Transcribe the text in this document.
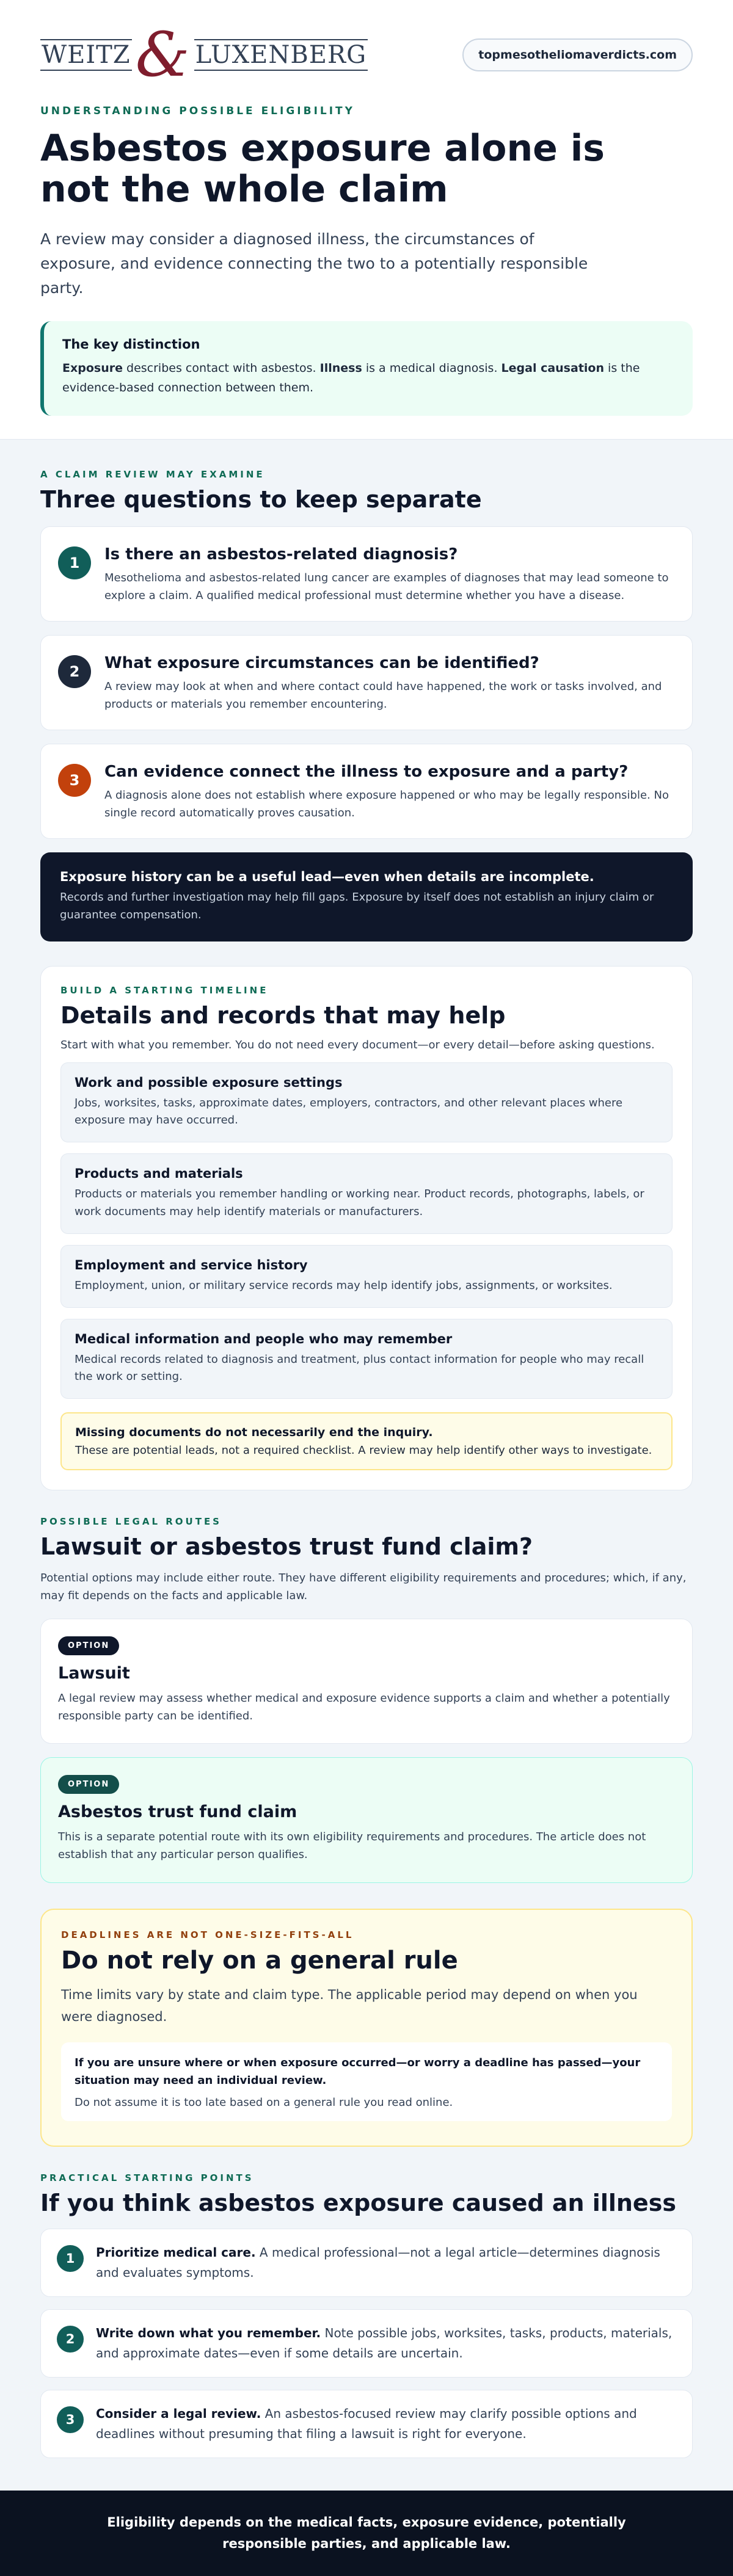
WEITZ & LUXENBERG	topmesotheliomaverdicts.com
UNDERSTANDING POSSIBLE ELIGIBILITY
Asbestos exposure alone is not the whole claim

A review may consider a diagnosed illness, the circumstances of exposure, and evidence connecting the two to a potentially responsible party.

The key distinction

Exposure describes contact with asbestos. Illness is a medical diagnosis. Legal causation is the evidence-based connection between them.

A CLAIM REVIEW MAY EXAMINE
Three questions to keep separate
1	Is there an asbestos-related diagnosis?

Mesothelioma and asbestos-related lung cancer are examples of diagnoses that may lead someone to explore a claim. A qualified medical professional must determine whether you have a disease.

2	What exposure circumstances can be identified?

A review may look at when and where contact could have happened, the work or tasks involved, and products or materials you remember encountering.

3	Can evidence connect the illness to exposure and a party?

A diagnosis alone does not establish where exposure happened or who may be legally responsible. No single record automatically proves causation.

Exposure history can be a useful lead—even when details are incomplete.

Records and further investigation may help fill gaps. Exposure by itself does not establish an injury claim or guarantee compensation.

BUILD A STARTING TIMELINE
Details and records that may help

Start with what you remember. You do not need every document—or every detail—before asking questions.

Work and possible exposure settings

Jobs, worksites, tasks, approximate dates, employers, contractors, and other relevant places where exposure may have occurred.

Products and materials

Products or materials you remember handling or working near. Product records, photographs, labels, or work documents may help identify materials or manufacturers.

Employment and service history

Employment, union, or military service records may help identify jobs, assignments, or worksites.

Medical information and people who may remember

Medical records related to diagnosis and treatment, plus contact information for people who may recall the work or setting.

Missing documents do not necessarily end the inquiry.

These are potential leads, not a required checklist. A review may help identify other ways to investigate.

POSSIBLE LEGAL ROUTES
Lawsuit or asbestos trust fund claim?

Potential options may include either route. They have different eligibility requirements and procedures; which, if any, may fit depends on the facts and applicable law.

OPTION
Lawsuit

A legal review may assess whether medical and exposure evidence supports a claim and whether a potentially responsible party can be identified.

OPTION
Asbestos trust fund claim

This is a separate potential route with its own eligibility requirements and procedures. The article does not establish that any particular person qualifies.

DEADLINES ARE NOT ONE-SIZE-FITS-ALL
Do not rely on a general rule

Time limits vary by state and claim type. The applicable period may depend on when you were diagnosed.

If you are unsure where or when exposure occurred—or worry a deadline has passed—your situation may need an individual review.

Do not assume it is too late based on a general rule you read online.

PRACTICAL STARTING POINTS
If you think asbestos exposure caused an illness
1	Prioritize medical care. A medical professional—not a legal article—determines diagnosis and evaluates symptoms.

2	Write down what you remember. Note possible jobs, worksites, tasks, products, materials, and approximate dates—even if some details are uncertain.

3	Consider a legal review. An asbestos-focused review may clarify possible options and deadlines without presuming that filing a lawsuit is right for everyone.

Eligibility depends on the medical facts, exposure evidence, potentially responsible parties, and applicable law.
